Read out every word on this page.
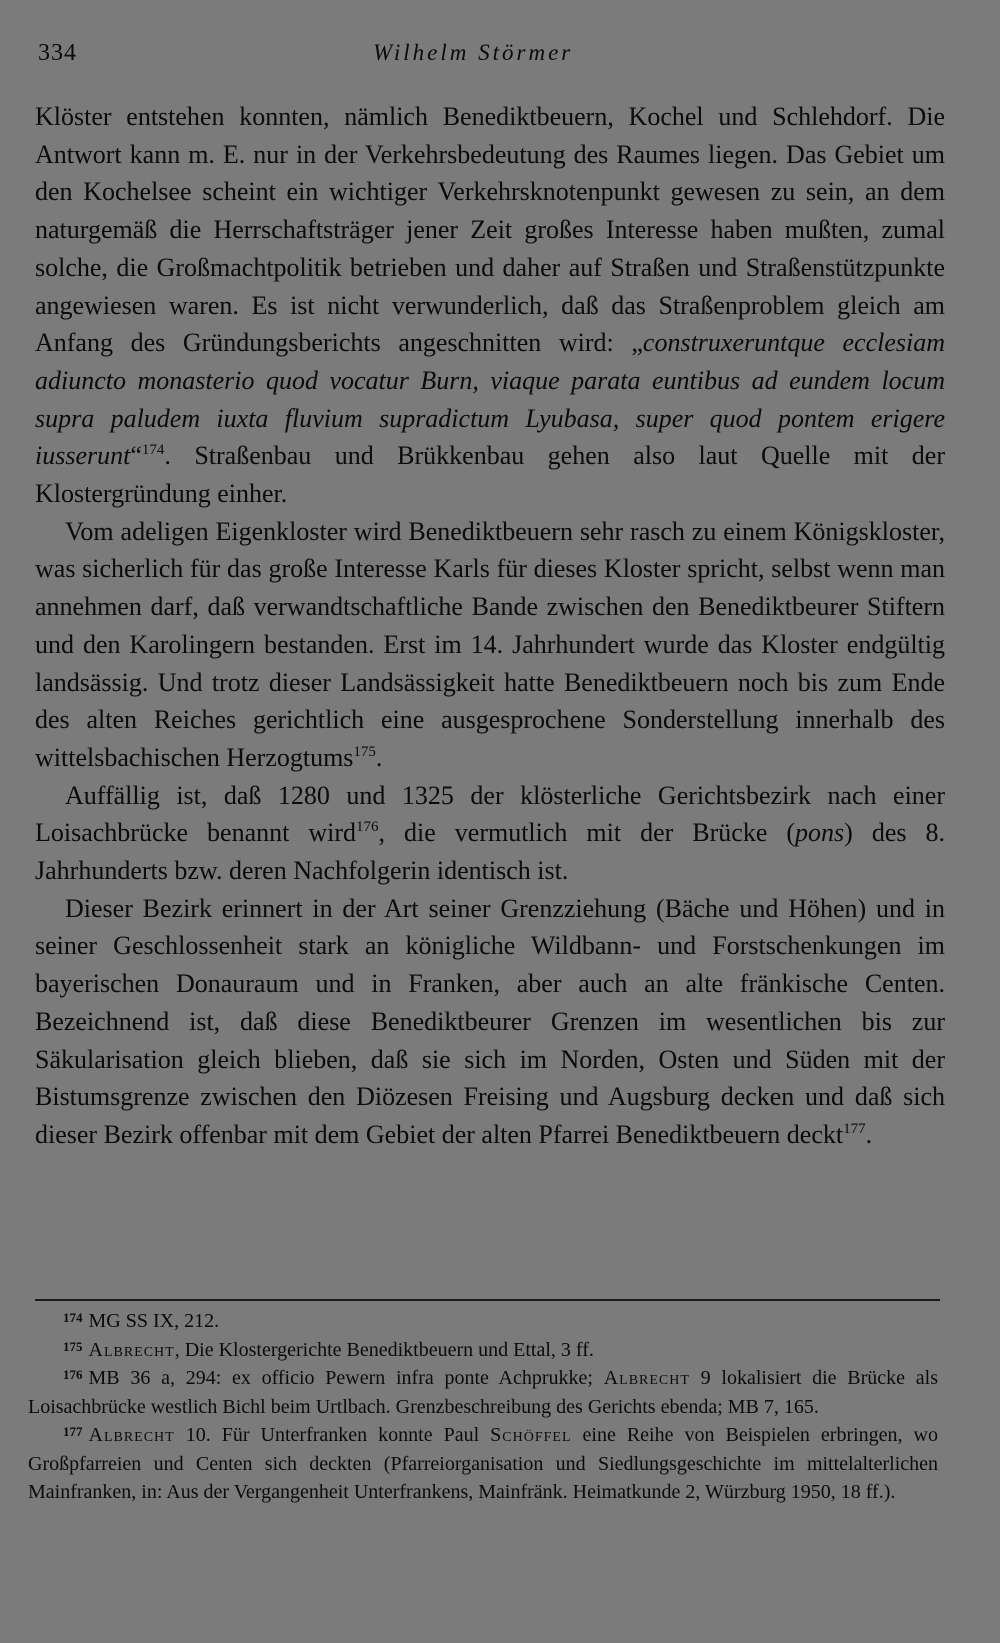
334	Wilhelm Störmer

Klöster entstehen konnten, nämlich Benediktbeuern, Kochel und Schlehdorf. Die Antwort kann m. E. nur in der Verkehrsbedeutung des Raumes liegen. Das Gebiet um den Kochelsee scheint ein wichtiger Verkehrsknotenpunkt gewesen zu sein, an dem naturgemäß die Herrschaftsträger jener Zeit großes Interesse haben mußten, zumal solche, die Großmachtpolitik betrieben und daher auf Straßen und Straßenstützpunkte angewiesen waren. Es ist nicht verwunderlich, daß das Straßenproblem gleich am Anfang des Gründungsberichts angeschnitten wird: „construxeruntque ecclesiam adiuncto monasterio quod vocatur Burn, viaque parata euntibus ad eundem locum supra paludem iuxta fluvium supradictum Lyubasa, super quod pontem erigere iusserunt“$^{174}$. Straßenbau und Brükkenbau gehen also laut Quelle mit der Klostergründung einher.

Vom adeligen Eigenkloster wird Benediktbeuern sehr rasch zu einem Königskloster, was sicherlich für das große Interesse Karls für dieses Kloster spricht, selbst wenn man annehmen darf, daß verwandtschaftliche Bande zwischen den Benediktbeurer Stiftern und den Karolingern bestanden. Erst im 14. Jahrhundert wurde das Kloster endgültig landsässig. Und trotz dieser Landsässigkeit hatte Benediktbeuern noch bis zum Ende des alten Reiches gerichtlich eine ausgesprochene Sonderstellung innerhalb des wittelsbachischen Herzogtums$^{175}$.

Auffällig ist, daß 1280 und 1325 der klösterliche Gerichtsbezirk nach einer Loisachbrücke benannt wird$^{176}$, die vermutlich mit der Brücke (pons) des 8. Jahrhunderts bzw. deren Nachfolgerin identisch ist.

Dieser Bezirk erinnert in der Art seiner Grenzziehung (Bäche und Höhen) und in seiner Geschlossenheit stark an königliche Wildbann- und Forstschenkungen im bayerischen Donauraum und in Franken, aber auch an alte fränkische Centen. Bezeichnend ist, daß diese Benediktbeurer Grenzen im wesentlichen bis zur Säkularisation gleich blieben, daß sie sich im Norden, Osten und Süden mit der Bistumsgrenze zwischen den Diözesen Freising und Augsburg decken und daß sich dieser Bezirk offenbar mit dem Gebiet der alten Pfarrei Benediktbeuern deckt$^{177}$.

$^{174}$ MG SS IX, 212.

$^{175}$ Albrecht, Die Klostergerichte Benediktbeuern und Ettal, 3 ff.

$^{176}$ MB 36 a, 294: ex officio Pewern infra ponte Achprukke; Albrecht 9 lokalisiert die Brücke als Loisachbrücke westlich Bichl beim Urtlbach. Grenzbeschreibung des Gerichts ebenda; MB 7, 165.

$^{177}$ Albrecht 10. Für Unterfranken konnte Paul Schöffel eine Reihe von Beispielen erbringen, wo Großpfarreien und Centen sich deckten (Pfarreiorganisation und Siedlungsgeschichte im mittelalterlichen Mainfranken, in: Aus der Vergangenheit Unterfrankens, Mainfränk. Heimatkunde 2, Würzburg 1950, 18 ff.).
